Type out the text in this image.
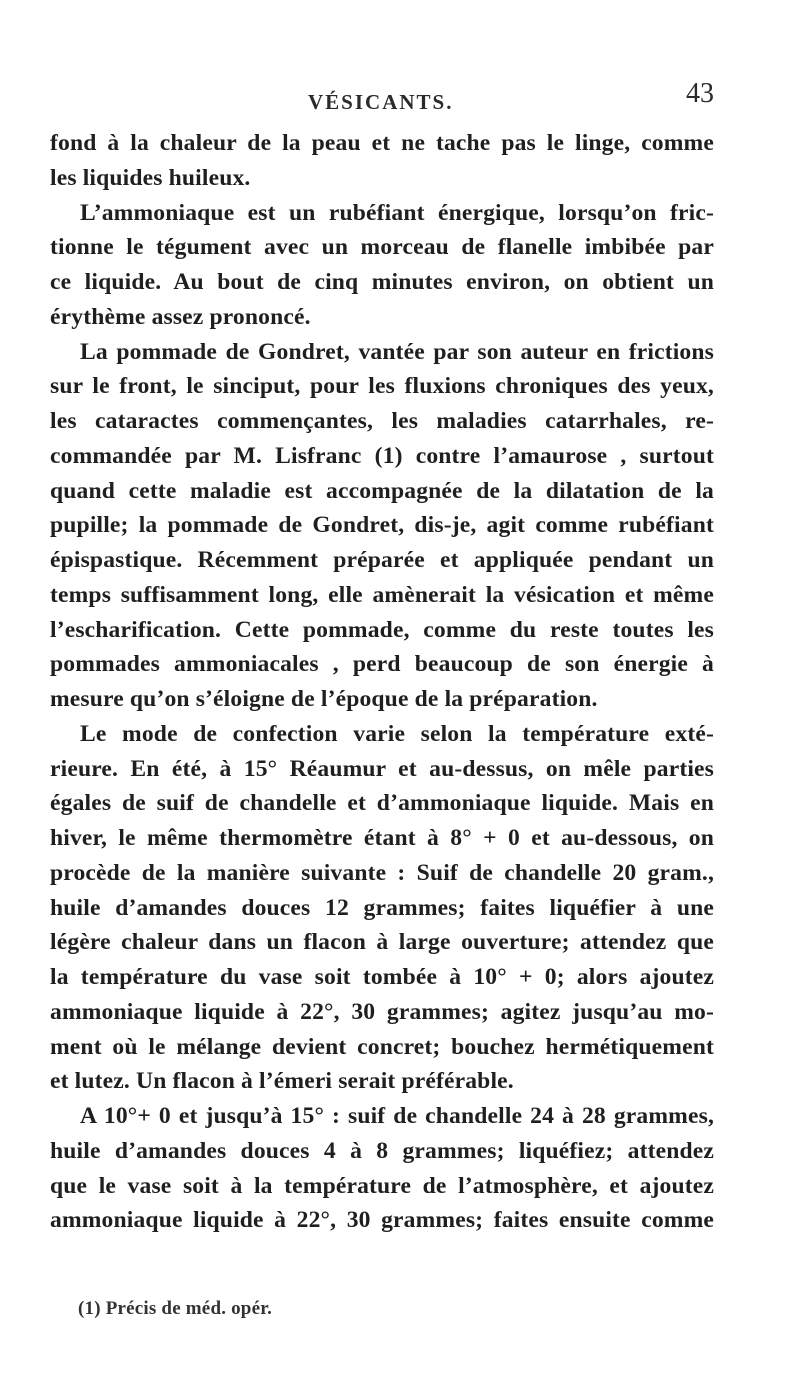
VÉSICANTS.	43
fond à la chaleur de la peau et ne tache pas le linge, comme
les liquides huileux.
L’ammoniaque est un rubéfiant énergique, lorsqu’on fric-
tionne le tégument avec un morceau de flanelle imbibée par
ce liquide. Au bout de cinq minutes environ, on obtient un
érythème assez prononcé.
La pommade de Gondret, vantée par son auteur en frictions
sur le front, le sinciput, pour les fluxions chroniques des yeux,
les cataractes commençantes, les maladies catarrhales, re-
commandée par M. Lisfranc (1) contre l’amaurose , surtout
quand cette maladie est accompagnée de la dilatation de la
pupille; la pommade de Gondret, dis-je, agit comme rubéfiant
épispastique. Récemment préparée et appliquée pendant un
temps suffisamment long, elle amènerait la vésication et même
l’escharification. Cette pommade, comme du reste toutes les
pommades ammoniacales , perd beaucoup de son énergie à
mesure qu’on s’éloigne de l’époque de la préparation.
Le mode de confection varie selon la température exté-
rieure. En été, à 15° Réaumur et au-dessus, on mêle parties
égales de suif de chandelle et d’ammoniaque liquide. Mais en
hiver, le même thermomètre étant à 8° + 0 et au-dessous, on
procède de la manière suivante : Suif de chandelle 20 gram.,
huile d’amandes douces 12 grammes; faites liquéfier à une
légère chaleur dans un flacon à large ouverture; attendez que
la température du vase soit tombée à 10° + 0; alors ajoutez
ammoniaque liquide à 22°, 30 grammes; agitez jusqu’au mo-
ment où le mélange devient concret; bouchez hermétiquement
et lutez. Un flacon à l’émeri serait préférable.
A 10°+ 0 et jusqu’à 15° : suif de chandelle 24 à 28 grammes,
huile d’amandes douces 4 à 8 grammes; liquéfiez; attendez
que le vase soit à la température de l’atmosphère, et ajoutez
ammoniaque liquide à 22°, 30 grammes; faites ensuite comme
(1) Précis de méd. opér.
